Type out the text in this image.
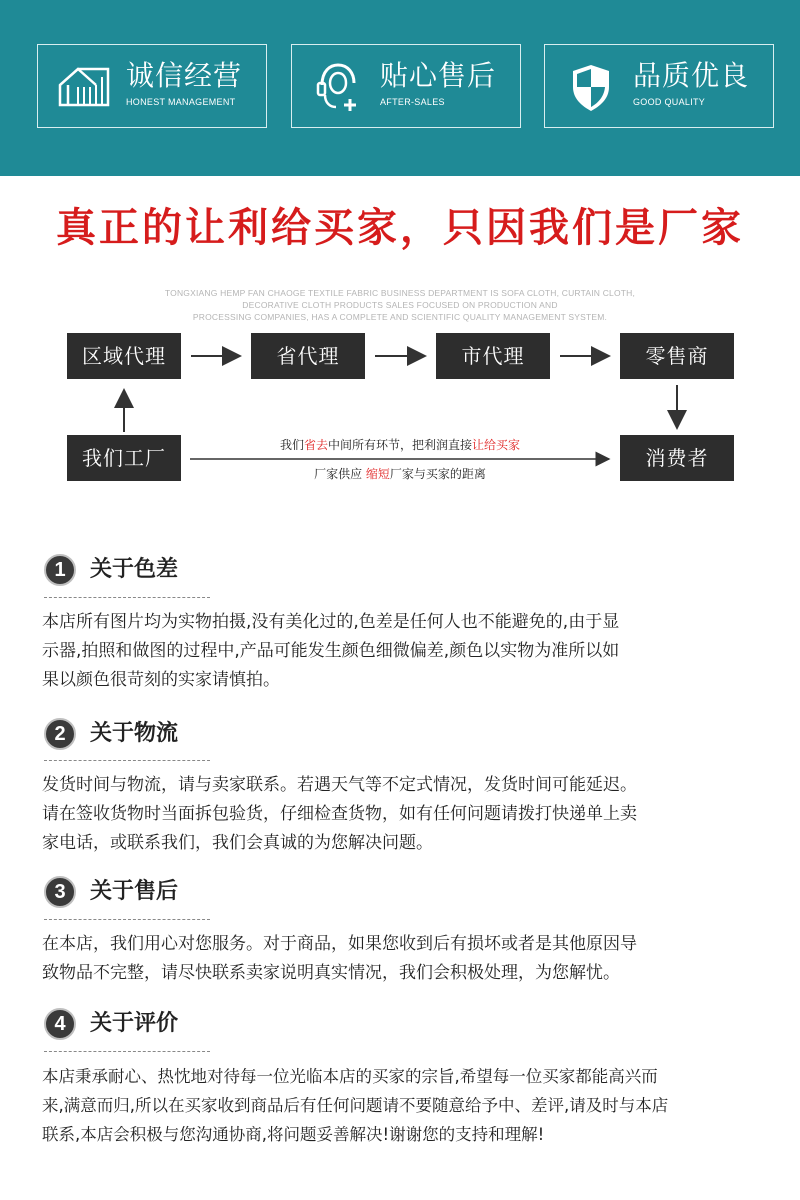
诚信经营
HONEST MANAGEMENT
贴心售后
AFTER-SALES
品质优良
GOOD QUALITY
真正的让利给买家，只因我们是厂家
TONGXIANG HEMP FAN CHAOGE TEXTILE FABRIC BUSINESS DEPARTMENT IS SOFA CLOTH, CURTAIN CLOTH,
DECORATIVE CLOTH PRODUCTS SALES FOCUSED ON PRODUCTION AND
PROCESSING COMPANIES, HAS A COMPLETE AND SCIENTIFIC QUALITY MANAGEMENT SYSTEM.
区域代理	省代理	市代理	零售商
我们工厂	消费者
我们省去中间所有环节，把利润直接让给买家
厂家供应 缩短厂家与买家的距离
1	关于色差
本店所有图片均为实物拍摄,没有美化过的,色差是任何人也不能避免的,由于显
示器,拍照和做图的过程中,产品可能发生颜色细微偏差,颜色以实物为准所以如
果以颜色很苛刻的实家请慎拍。
2	关于物流
发货时间与物流，请与卖家联系。若遇天气等不定式情况，发货时间可能延迟。
请在签收货物时当面拆包验货，仔细检查货物，如有任何问题请拨打快递单上卖
家电话，或联系我们，我们会真诚的为您解决问题。
3	关于售后
在本店，我们用心对您服务。对于商品，如果您收到后有损坏或者是其他原因导
致物品不完整，请尽快联系卖家说明真实情况，我们会积极处理，为您解忧。
4	关于评价
本店秉承耐心、热忱地对待每一位光临本店的买家的宗旨,希望每一位买家都能高兴而
来,满意而归,所以在买家收到商品后有任何问题请不要随意给予中、差评,请及时与本店
联系,本店会积极与您沟通协商,将问题妥善解决!谢谢您的支持和理解!
